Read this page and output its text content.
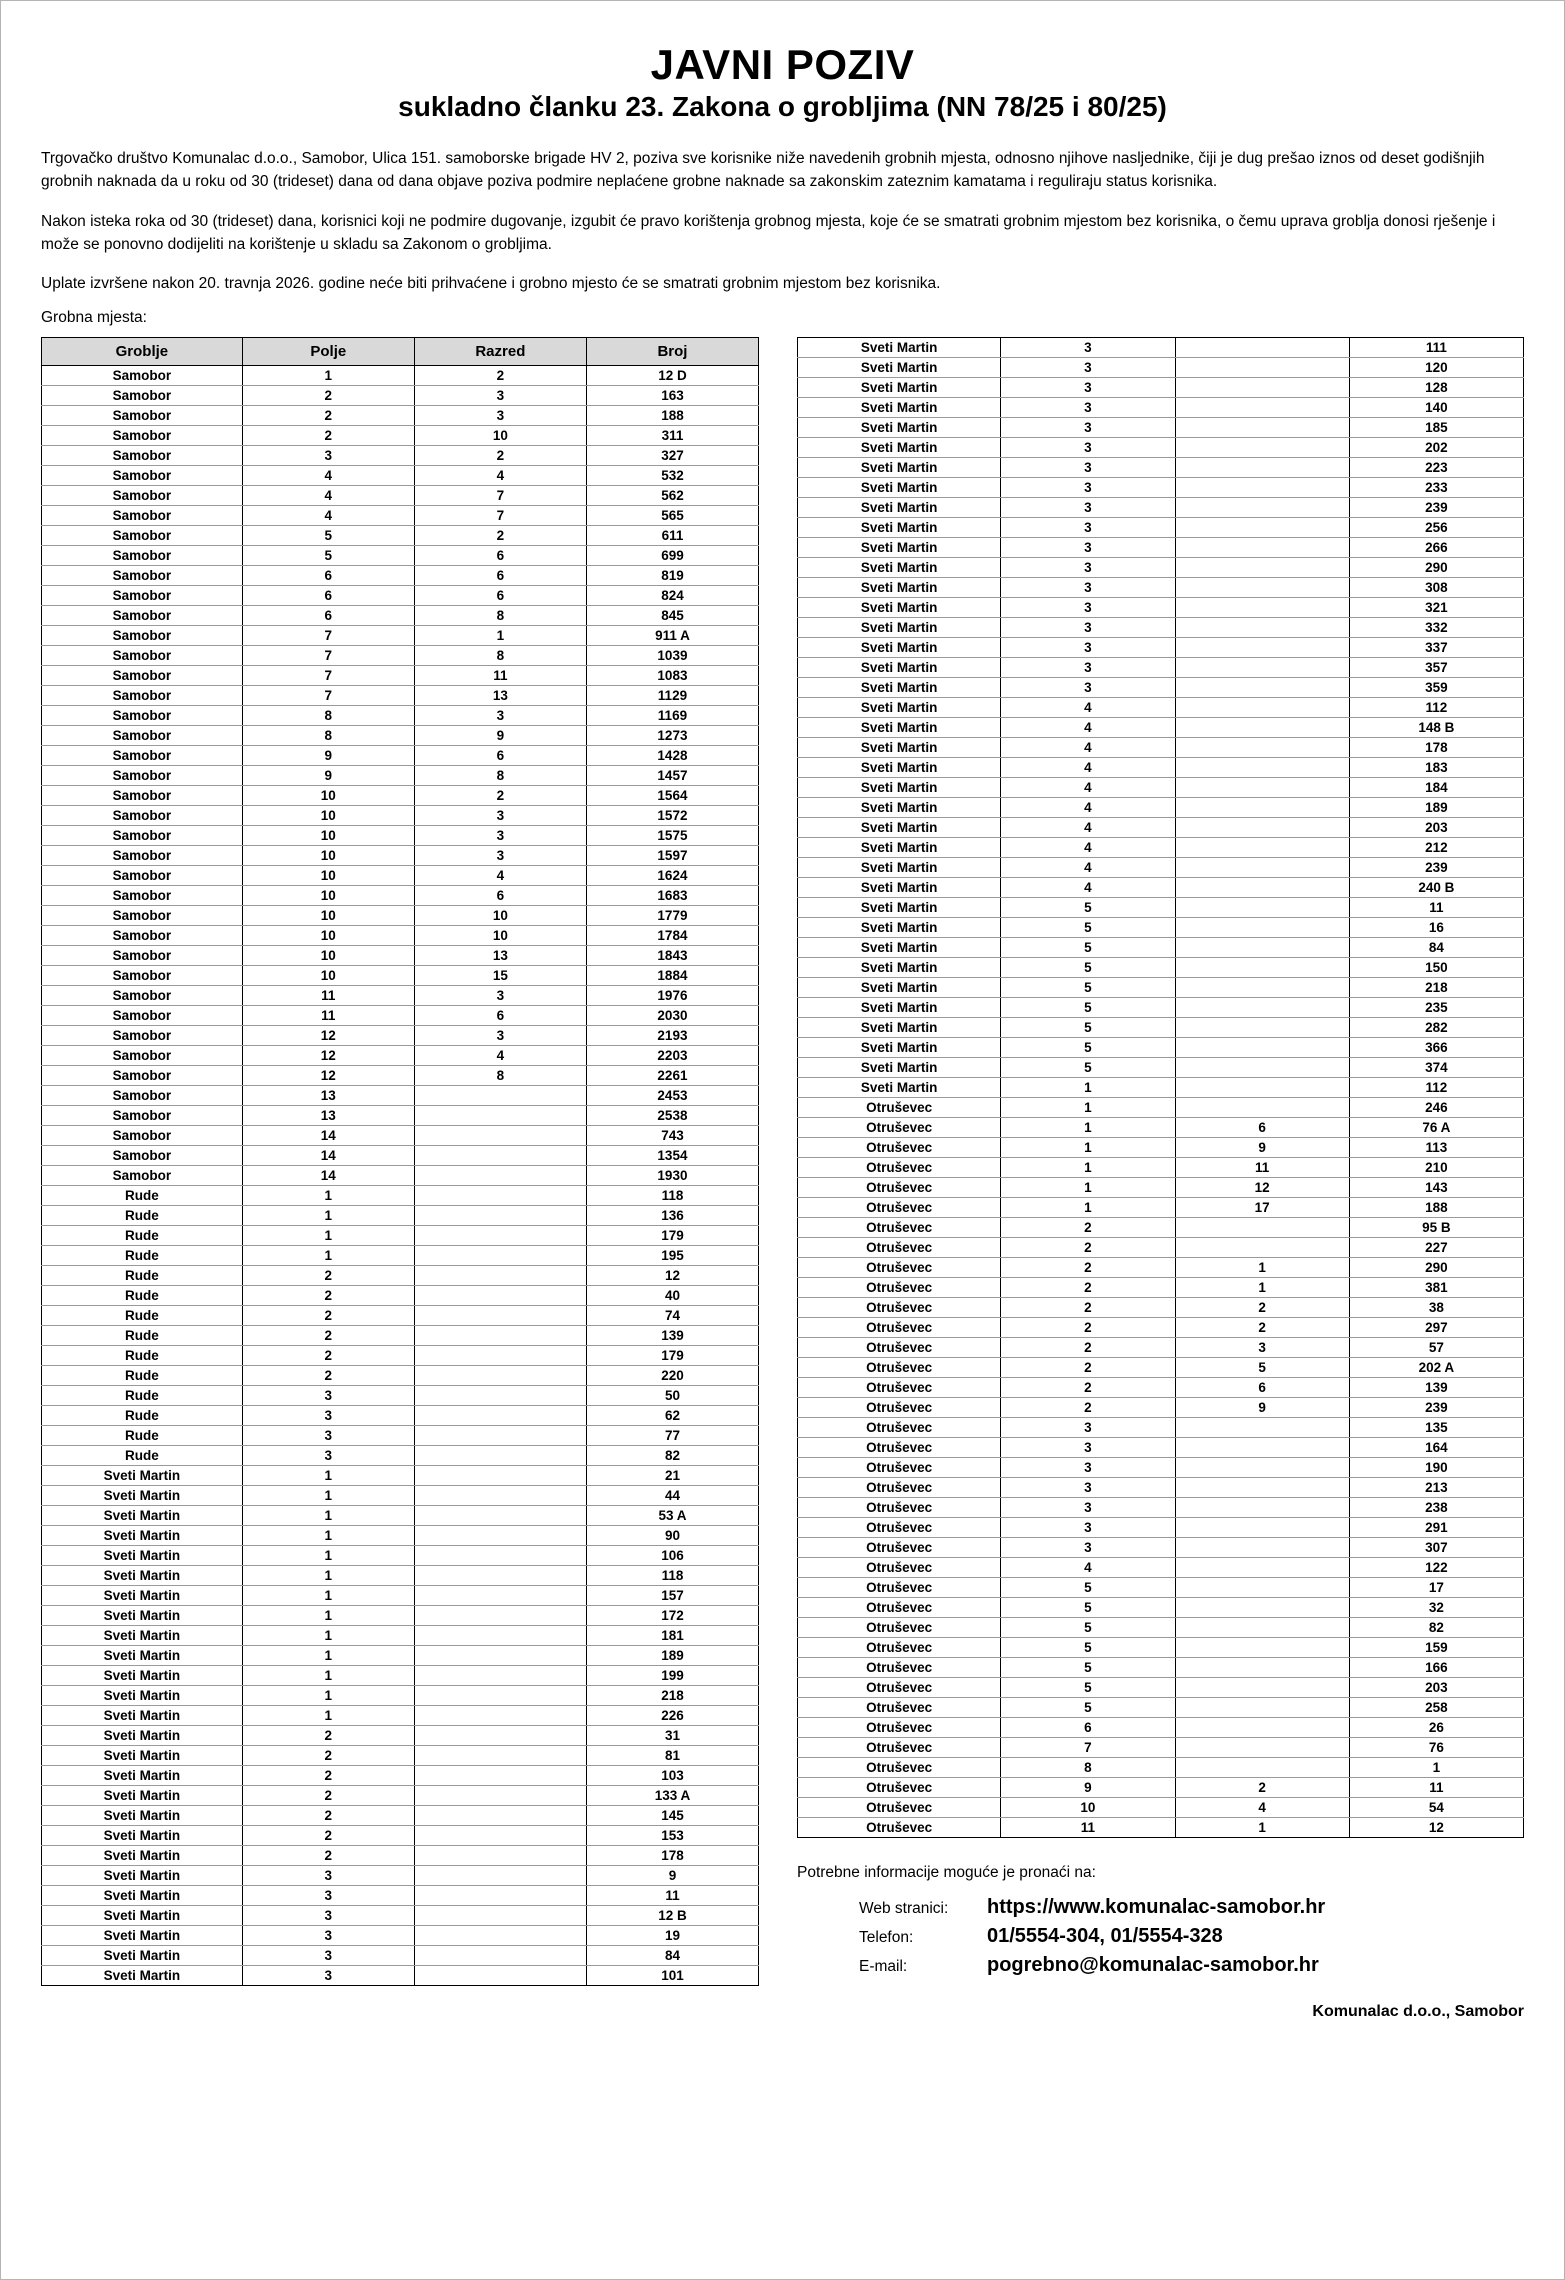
JAVNI POZIV
sukladno članku 23. Zakona o grobljima (NN 78/25 i 80/25)

Trgovačko društvo Komunalac d.o.o., Samobor, Ulica 151. samoborske brigade HV 2, poziva sve korisnike niže navedenih grobnih mjesta, odnosno njihove nasljednike, čiji je dug prešao iznos od deset godišnjih grobnih naknada da u roku od 30 (trideset) dana od dana objave poziva podmire neplaćene grobne naknade sa zakonskim zateznim kamatama i reguliraju status korisnika.

Nakon isteka roka od 30 (trideset) dana, korisnici koji ne podmire dugovanje, izgubit će pravo korištenja grobnog mjesta, koje će se smatrati grobnim mjestom bez korisnika, o čemu uprava groblja donosi rješenje i može se ponovno dodijeliti na korištenje u skladu sa Zakonom o grobljima.

Uplate izvršene nakon 20. travnja 2026. godine neće biti prihvaćene i grobno mjesto će se smatrati grobnim mjestom bez korisnika.

Grobna mjesta:
Groblje	Polje	Razred	Broj
Samobor	1	2	12 D
Samobor	2	3	163
Samobor	2	3	188
Samobor	2	10	311
Samobor	3	2	327
Samobor	4	4	532
Samobor	4	7	562
Samobor	4	7	565
Samobor	5	2	611
Samobor	5	6	699
Samobor	6	6	819
Samobor	6	6	824
Samobor	6	8	845
Samobor	7	1	911 A
Samobor	7	8	1039
Samobor	7	11	1083
Samobor	7	13	1129
Samobor	8	3	1169
Samobor	8	9	1273
Samobor	9	6	1428
Samobor	9	8	1457
Samobor	10	2	1564
Samobor	10	3	1572
Samobor	10	3	1575
Samobor	10	3	1597
Samobor	10	4	1624
Samobor	10	6	1683
Samobor	10	10	1779
Samobor	10	10	1784
Samobor	10	13	1843
Samobor	10	15	1884
Samobor	11	3	1976
Samobor	11	6	2030
Samobor	12	3	2193
Samobor	12	4	2203
Samobor	12	8	2261
Samobor	13		2453
Samobor	13		2538
Samobor	14		743
Samobor	14		1354
Samobor	14		1930
Rude	1		118
Rude	1		136
Rude	1		179
Rude	1		195
Rude	2		12
Rude	2		40
Rude	2		74
Rude	2		139
Rude	2		179
Rude	2		220
Rude	3		50
Rude	3		62
Rude	3		77
Rude	3		82
Sveti Martin	1		21
Sveti Martin	1		44
Sveti Martin	1		53 A
Sveti Martin	1		90
Sveti Martin	1		106
Sveti Martin	1		118
Sveti Martin	1		157
Sveti Martin	1		172
Sveti Martin	1		181
Sveti Martin	1		189
Sveti Martin	1		199
Sveti Martin	1		218
Sveti Martin	1		226
Sveti Martin	2		31
Sveti Martin	2		81
Sveti Martin	2		103
Sveti Martin	2		133 A
Sveti Martin	2		145
Sveti Martin	2		153
Sveti Martin	2		178
Sveti Martin	3		9
Sveti Martin	3		11
Sveti Martin	3		12 B
Sveti Martin	3		19
Sveti Martin	3		84
Sveti Martin	3		101
Sveti Martin	3		111
Sveti Martin	3		120
Sveti Martin	3		128
Sveti Martin	3		140
Sveti Martin	3		185
Sveti Martin	3		202
Sveti Martin	3		223
Sveti Martin	3		233
Sveti Martin	3		239
Sveti Martin	3		256
Sveti Martin	3		266
Sveti Martin	3		290
Sveti Martin	3		308
Sveti Martin	3		321
Sveti Martin	3		332
Sveti Martin	3		337
Sveti Martin	3		357
Sveti Martin	3		359
Sveti Martin	4		112
Sveti Martin	4		148 B
Sveti Martin	4		178
Sveti Martin	4		183
Sveti Martin	4		184
Sveti Martin	4		189
Sveti Martin	4		203
Sveti Martin	4		212
Sveti Martin	4		239
Sveti Martin	4		240 B
Sveti Martin	5		11
Sveti Martin	5		16
Sveti Martin	5		84
Sveti Martin	5		150
Sveti Martin	5		218
Sveti Martin	5		235
Sveti Martin	5		282
Sveti Martin	5		366
Sveti Martin	5		374
Sveti Martin	1		112
Otruševec	1		246
Otruševec	1	6	76 A
Otruševec	1	9	113
Otruševec	1	11	210
Otruševec	1	12	143
Otruševec	1	17	188
Otruševec	2		95 B
Otruševec	2		227
Otruševec	2	1	290
Otruševec	2	1	381
Otruševec	2	2	38
Otruševec	2	2	297
Otruševec	2	3	57
Otruševec	2	5	202 A
Otruševec	2	6	139
Otruševec	2	9	239
Otruševec	3		135
Otruševec	3		164
Otruševec	3		190
Otruševec	3		213
Otruševec	3		238
Otruševec	3		291
Otruševec	3		307
Otruševec	4		122
Otruševec	5		17
Otruševec	5		32
Otruševec	5		82
Otruševec	5		159
Otruševec	5		166
Otruševec	5		203
Otruševec	5		258
Otruševec	6		26
Otruševec	7		76
Otruševec	8		1
Otruševec	9	2	11
Otruševec	10	4	54
Otruševec	11	1	12
Potrebne informacije moguće je pronaći na:
Web stranici:	https://www.komunalac-samobor.hr
Telefon:	01/5554-304, 01/5554-328
E-mail:	pogrebno@komunalac-samobor.hr
Komunalac d.o.o., Samobor
